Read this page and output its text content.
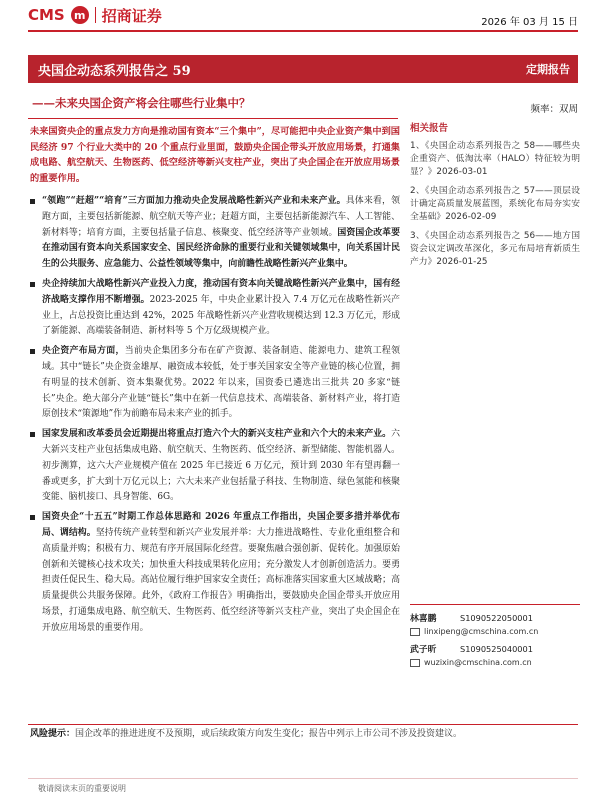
CMS m 招商证券	2026 年 03 月 15 日
央国企动态系列报告之 59	定期报告
——未来央国企资产将会往哪些行业集中？	频率：双周
未来国资央企的重点发力方向是推动国有资本“三个集中”，尽可能把中央企业资产集中到国民经济 97 个行业大类中的 20 个重点行业里面，鼓励央企国企带头开放应用场景，打通集成电路、航空航天、生物医药、低空经济等新兴支柱产业，突出了央企国企在开放应用场景的重要作用。
“领跑”“赶超”“培育”三方面加力推动央企发展战略性新兴产业和未来产业。具体来看，领跑方面，主要包括新能源、航空航天等产业；赶超方面，主要包括新能源汽车、人工智能、新材料等；培育方面，主要包括量子信息、核聚变、低空经济等产业领域。国资国企改革要在推动国有资本向关系国家安全、国民经济命脉的重要行业和关键领域集中，向关系国计民生的公共服务、应急能力、公益性领域等集中，向前瞻性战略性新兴产业集中。
央企持续加大战略性新兴产业投入力度，推动国有资本向关键战略性新兴产业集中，国有经济战略支撑作用不断增强。2023-2025 年，中央企业累计投入 7.4 万亿元在战略性新兴产业上，占总投资比重达到 42%，2025 年战略性新兴产业营收规模达到 12.3 万亿元，形成了新能源、高端装备制造、新材料等 5 个万亿级规模产业。
央企资产布局方面，当前央企集团多分布在矿产资源、装备制造、能源电力、建筑工程领域。其中“链长”央企资金雄厚、融资成本较低，处于事关国家安全等产业链的核心位置，拥有明显的技术创新、资本集聚优势。2022 年以来，国资委已遴选出三批共 20 多家“链长”央企。绝大部分产业链“链长”集中在新一代信息技术、高端装备、新材料产业，将打造原创技术“策源地”作为前瞻布局未来产业的抓手。
国家发展和改革委员会近期提出将重点打造六个大的新兴支柱产业和六个大的未来产业。六大新兴支柱产业包括集成电路、航空航天、生物医药、低空经济、新型储能、智能机器人。初步测算，这六大产业规模产值在 2025 年已接近 6 万亿元，预计到 2030 年有望再翻一番或更多，扩大到十万亿元以上；六大未来产业包括量子科技、生物制造、绿色氢能和核聚变能、脑机接口、具身智能、6G。
国资央企“十五五”时期工作总体思路和 2026 年重点工作指出，央国企要多措并举优布局、调结构。坚持传统产业转型和新兴产业发展并举：大力推进战略性、专业化重组整合和高质量并购；积极有力、规范有序开展国际化经营。要聚焦融合强创新、促转化。加强原始创新和关键核心技术攻关；加快重大科技成果转化应用；充分激发人才创新创造活力。要勇担责任促民生、稳大局。高站位履行维护国家安全责任；高标准落实国家重大区域战略；高质量提供公共服务保障。此外，《政府工作报告》明确指出，要鼓励央企国企带头开放应用场景，打通集成电路、航空航天、生物医药、低空经济等新兴支柱产业，突出了央企国企在开放应用场景的重要作用。
相关报告
1、《央国企动态系列报告之 58——哪些央企重资产、低淘汰率（HALO）特征较为明显？》2026-03-01
2、《央国企动态系列报告之 57——顶层设计确定高质量发展蓝图，系统化布局夯实安全基础》2026-02-09
3、《央国企动态系列报告之 56——地方国资会议定调改革深化，多元布局培育新质生产力》2026-01-25
林喜鹏	S1090522050001
linxipeng@cmschina.com.cn
武子昕	S1090525040001
wuzixin@cmschina.com.cn
风险提示：国企改革的推进进度不及预期，或后续政策方向发生变化；报告中列示上市公司不涉及投资建议。
敬请阅读末页的重要说明
